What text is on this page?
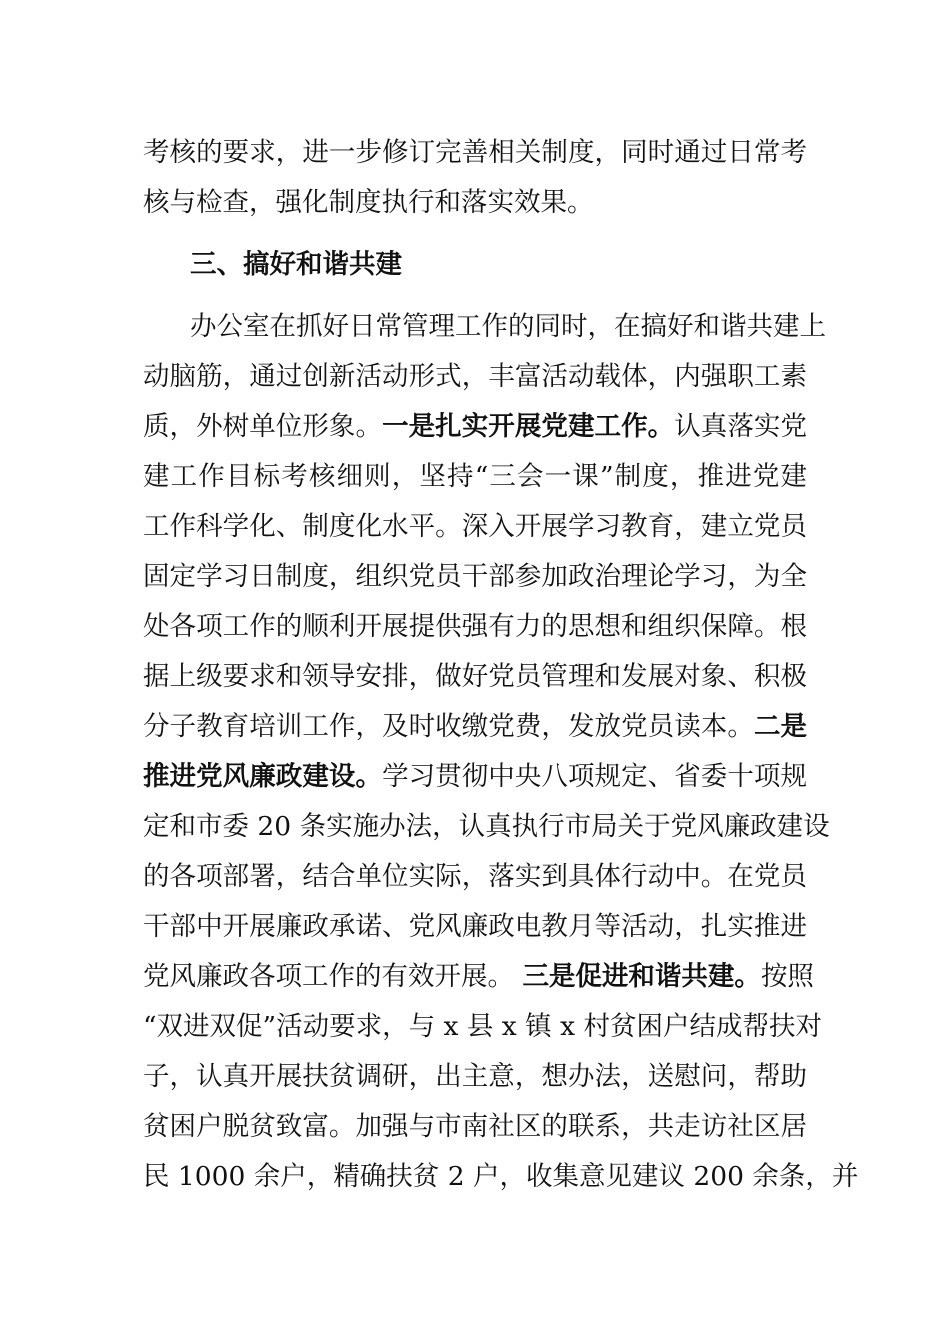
考核的要求，进一步修订完善相关制度，同时通过日常考
核与检查，强化制度执行和落实效果。
三、搞好和谐共建
办公室在抓好日常管理工作的同时，在搞好和谐共建上
动脑筋，通过创新活动形式，丰富活动载体，内强职工素
质，外树单位形象。一是扎实开展党建工作。认真落实党
建工作目标考核细则，坚持“三会一课”制度，推进党建
工作科学化、制度化水平。深入开展学习教育，建立党员
固定学习日制度，组织党员干部参加政治理论学习，为全
处各项工作的顺利开展提供强有力的思想和组织保障。根
据上级要求和领导安排，做好党员管理和发展对象、积极
分子教育培训工作，及时收缴党费，发放党员读本。二是
推进党风廉政建设。学习贯彻中央八项规定、省委十项规
定和市委 20 条实施办法，认真执行市局关于党风廉政建设
的各项部署，结合单位实际，落实到具体行动中。在党员
干部中开展廉政承诺、党风廉政电教月等活动，扎实推进
党风廉政各项工作的有效开展。 三是促进和谐共建。按照
“双进双促”活动要求，与 x 县 x 镇 x 村贫困户结成帮扶对
子，认真开展扶贫调研，出主意，想办法，送慰问，帮助
贫困户脱贫致富。加强与市南社区的联系，共走访社区居
民 1000 余户，精确扶贫 2 户，收集意见建议 200 余条，并
